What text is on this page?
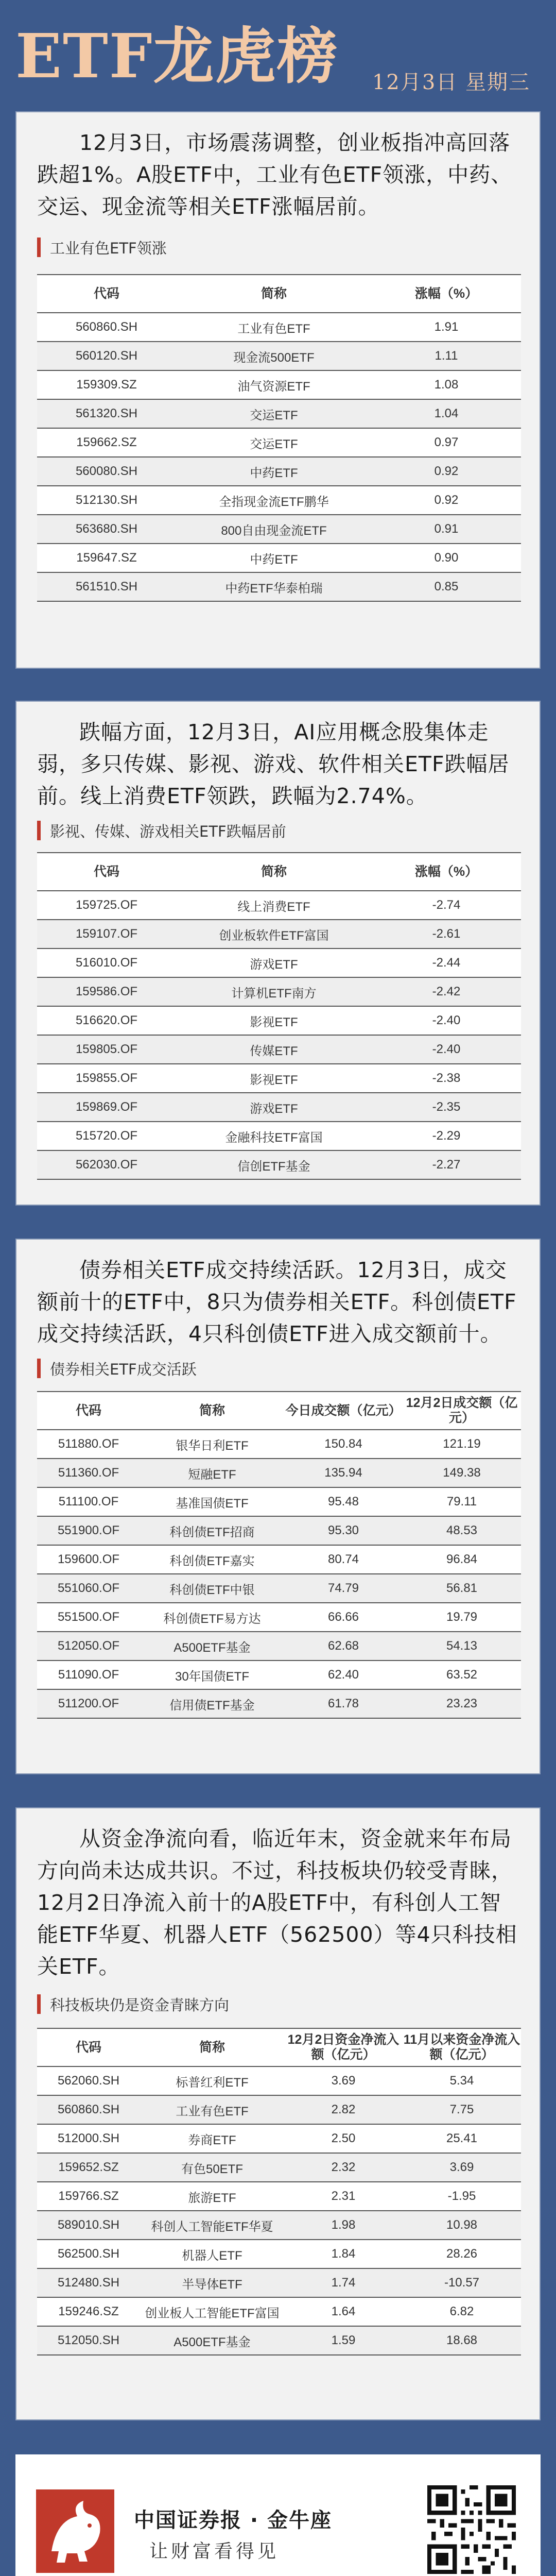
ETF龙虎榜 12月3日 星期三

12月3日，市场震荡调整，创业板指冲高回落跌超1%。A股ETF中，工业有色ETF领涨，中药、交运、现金流等相关ETF涨幅居前。

工业有色ETF领涨
代码	简称	涨幅（%）
560860.SH	工业有色ETF	1.91
560120.SH	现金流500ETF	1.11
159309.SZ	油气资源ETF	1.08
561320.SH	交运ETF	1.04
159662.SZ	交运ETF	0.97
560080.SH	中药ETF	0.92
512130.SH	全指现金流ETF鹏华	0.92
563680.SH	800自由现金流ETF	0.91
159647.SZ	中药ETF	0.90
561510.SH	中药ETF华泰柏瑞	0.85

跌幅方面，12月3日，AI应用概念股集体走弱，多只传媒、影视、游戏、软件相关ETF跌幅居前。线上消费ETF领跌，跌幅为2.74%。

影视、传媒、游戏相关ETF跌幅居前
代码	简称	涨幅（%）
159725.OF	线上消费ETF	-2.74
159107.OF	创业板软件ETF富国	-2.61
516010.OF	游戏ETF	-2.44
159586.OF	计算机ETF南方	-2.42
516620.OF	影视ETF	-2.40
159805.OF	传媒ETF	-2.40
159855.OF	影视ETF	-2.38
159869.OF	游戏ETF	-2.35
515720.OF	金融科技ETF富国	-2.29
562030.OF	信创ETF基金	-2.27

债券相关ETF成交持续活跃。12月3日，成交额前十的ETF中，8只为债券相关ETF。科创债ETF成交持续活跃，4只科创债ETF进入成交额前十。

债券相关ETF成交活跃
代码	简称	今日成交额（亿元）	12月2日成交额（亿元）
511880.OF	银华日利ETF	150.84	121.19
511360.OF	短融ETF	135.94	149.38
511100.OF	基准国债ETF	95.48	79.11
551900.OF	科创债ETF招商	95.30	48.53
159600.OF	科创债ETF嘉实	80.74	96.84
551060.OF	科创债ETF中银	74.79	56.81
551500.OF	科创债ETF易方达	66.66	19.79
512050.OF	A500ETF基金	62.68	54.13
511090.OF	30年国债ETF	62.40	63.52
511200.OF	信用债ETF基金	61.78	23.23

从资金净流向看，临近年末，资金就来年布局方向尚未达成共识。不过，科技板块仍较受青睐，12月2日净流入前十的A股ETF中，有科创人工智能ETF华夏、机器人ETF（562500）等4只科技相关ETF。

科技板块仍是资金青睐方向
代码	简称	12月2日资金净流入额（亿元）	11月以来资金净流入额（亿元）
562060.SH	标普红利ETF	3.69	5.34
560860.SH	工业有色ETF	2.82	7.75
512000.SH	券商ETF	2.50	25.41
159652.SZ	有色50ETF	2.32	3.69
159766.SZ	旅游ETF	2.31	-1.95
589010.SH	科创人工智能ETF华夏	1.98	10.98
562500.SH	机器人ETF	1.84	28.26
512480.SH	半导体ETF	1.74	-10.57
159246.SZ	创业板人工智能ETF富国	1.64	6.82
512050.SH	A500ETF基金	1.59	18.68
中国证券报 · 金牛座
让财富看得见
